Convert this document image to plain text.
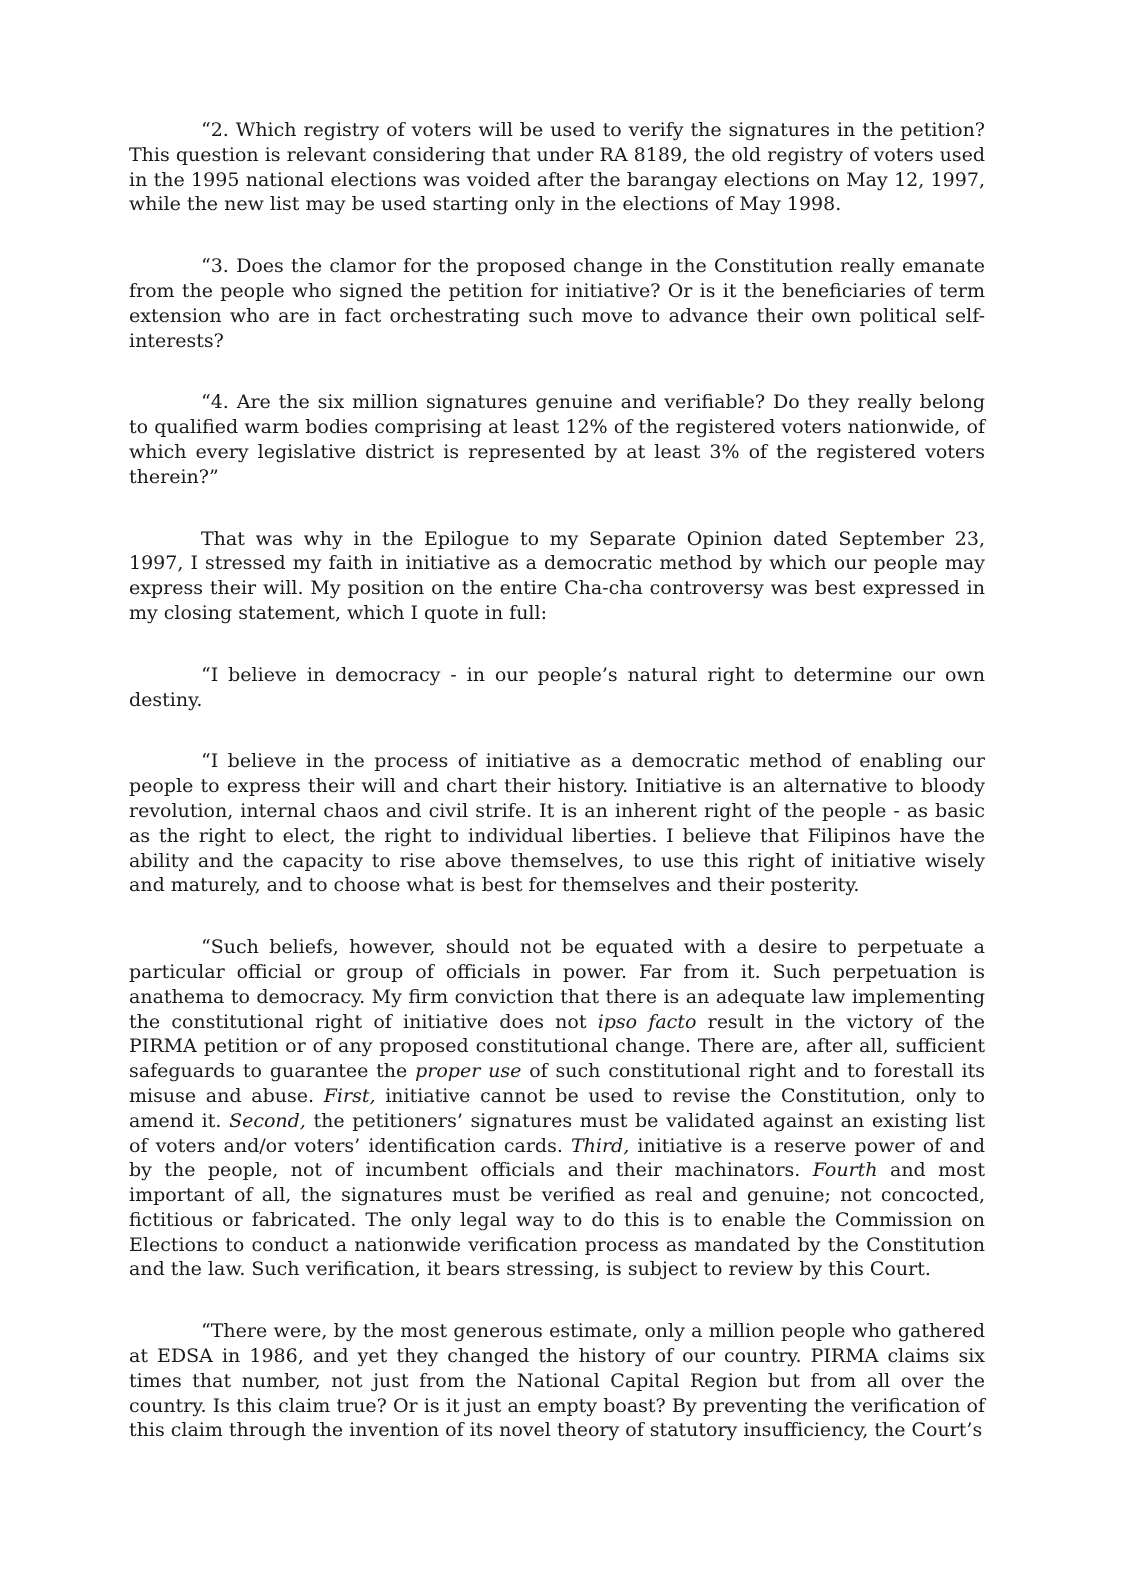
“2. Which registry of voters will be used to verify the signatures in the petition? This question is relevant considering that under RA 8189, the old registry of voters used in the 1995 national elections was voided after the barangay elections on May 12, 1997, while the new list may be used starting only in the elections of May 1998.

“3. Does the clamor for the proposed change in the Constitution really emanate from the people who signed the petition for initiative? Or is it the beneficiaries of term extension who are in fact orchestrating such move to advance their own political self-interests?

“4. Are the six million signatures genuine and verifiable? Do they really belong to qualified warm bodies comprising at least 12% of the registered voters nationwide, of which every legislative district is represented by at least 3% of the registered voters therein?”

That was why in the Epilogue to my Separate Opinion dated September 23, 1997, I stressed my faith in initiative as a democratic method by which our people may express their will. My position on the entire Cha-cha controversy was best expressed in my closing statement, which I quote in full:

“I believe in democracy - in our people’s natural right to determine our own destiny.

“I believe in the process of initiative as a democratic method of enabling our people to express their will and chart their history. Initiative is an alternative to bloody revolution, internal chaos and civil strife. It is an inherent right of the people - as basic as the right to elect, the right to individual liberties. I believe that Filipinos have the ability and the capacity to rise above themselves, to use this right of initiative wisely and maturely, and to choose what is best for themselves and their posterity.

“Such beliefs, however, should not be equated with a desire to perpetuate a particular official or group of officials in power. Far from it. Such perpetuation is anathema to democracy. My firm conviction that there is an adequate law implementing the constitutional right of initiative does not ipso facto result in the victory of the PIRMA petition or of any proposed constitutional change. There are, after all, sufficient safeguards to guarantee the proper use of such constitutional right and to forestall its misuse and abuse. First, initiative cannot be used to revise the Constitution, only to amend it. Second, the petitioners’ signatures must be validated against an existing list of voters and/or voters’ identification cards. Third, initiative is a reserve power of and by the people, not of incumbent officials and their machinators. Fourth and most important of all, the signatures must be verified as real and genuine; not concocted, fictitious or fabricated. The only legal way to do this is to enable the Commission on Elections to conduct a nationwide verification process as mandated by the Constitution and the law. Such verification, it bears stressing, is subject to review by this Court.

“There were, by the most generous estimate, only a million people who gathered at EDSA in 1986, and yet they changed the history of our country. PIRMA claims six times that number, not just from the National Capital Region but from all over the country. Is this claim true? Or is it just an empty boast? By preventing the verification of this claim through the invention of its novel theory of statutory insufficiency, the Court’s
